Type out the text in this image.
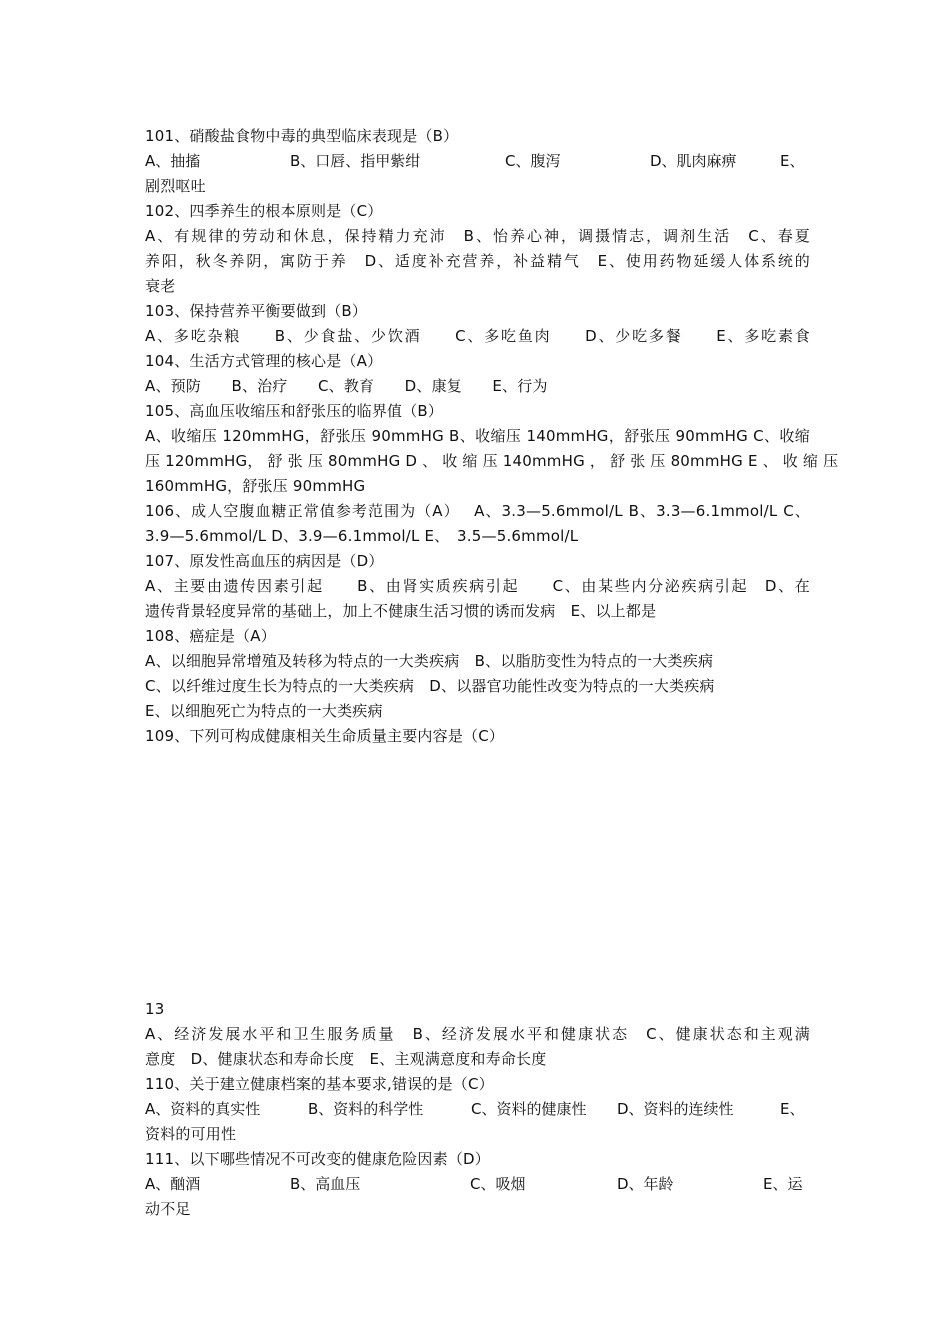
101、硝酸盐食物中毒的典型临床表现是（B）
A、抽搐	B、口唇、指甲紫绀	C、腹泻	D、肌肉麻痹	E、
剧烈呕吐
102、四季养生的根本原则是（C）
A、有规律的劳动和休息，保持精力充沛　B、怡养心神，调摄情志，调剂生活　C、春夏
养阳，秋冬养阴，寓防于养　D、适度补充营养，补益精气　E、使用药物延缓人体系统的
衰老
103、保持营养平衡要做到（B）
A、多吃杂粮　　B、少食盐、少饮酒　　C、多吃鱼肉　　D、少吃多餐　　E、多吃素食
104、生活方式管理的核心是（A）
A、预防　　B、治疗　　C、教育　　D、康复　　E、行为
105、高血压收缩压和舒张压的临界值（B）
A、收缩压 120mmHG，舒张压 90mmHG B、收缩压 140mmHG，舒张压 90mmHG C、收缩
压 120mmHG， 舒 张 压 80mmHG D 、 收 缩 压 140mmHG ， 舒 张 压 80mmHG E 、 收 缩 压
160mmHG，舒张压 90mmHG
106、成人空腹血糖正常值参考范围为（A）　 A、3.3—5.6mmol/L B、3.3—6.1mmol/L C、
3.9—5.6mmol/L D、3.9—6.1mmol/L E、　3.5—5.6mmol/L
107、原发性高血压的病因是（D）
A、主要由遗传因素引起　　B、由肾实质疾病引起　　C、由某些内分泌疾病引起　D、在
遗传背景轻度异常的基础上，加上不健康生活习惯的诱而发病　E、以上都是
108、癌症是（A）
A、以细胞异常增殖及转移为特点的一大类疾病　B、以脂肪变性为特点的一大类疾病
C、以纤维过度生长为特点的一大类疾病　D、以器官功能性改变为特点的一大类疾病
E、以细胞死亡为特点的一大类疾病
109、下列可构成健康相关生命质量主要内容是（C）
13
A、经济发展水平和卫生服务质量　B、经济发展水平和健康状态　C、健康状态和主观满
意度　D、健康状态和寿命长度　E、主观满意度和寿命长度
110、关于建立健康档案的基本要求,错误的是（C）
A、资料的真实性	B、资料的科学性	C、资料的健康性	D、资料的连续性	E、
资料的可用性
111、以下哪些情况不可改变的健康危险因素（D）
A、酗酒	B、高血压	C、吸烟	D、年龄	E、运
动不足
